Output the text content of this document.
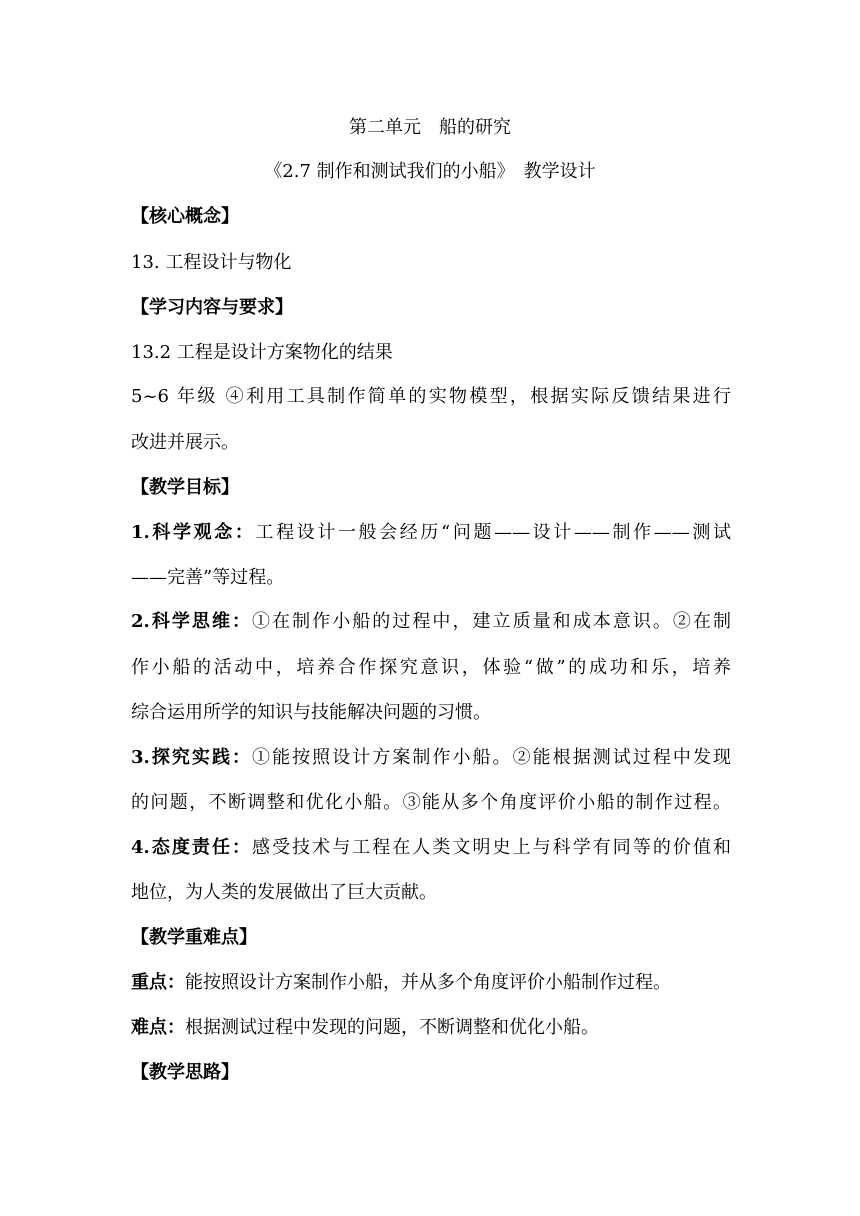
第二单元　船的研究
《2.7 制作和测试我们的小船》　教学设计
【核心概念】
13. 工程设计与物化
【学习内容与要求】
13.2 工程是设计方案物化的结果
5~6 年级 ④利用工具制作简单的实物模型，根据实际反馈结果进行
改进并展示。
【教学目标】
1.科学观念：工程设计一般会经历“问题——设计——制作——测试
——完善”等过程。
2.科学思维：①在制作小船的过程中，建立质量和成本意识。②在制
作小船的活动中，培养合作探究意识，体验“做”的成功和乐，培养
综合运用所学的知识与技能解决问题的习惯。
3.探究实践：①能按照设计方案制作小船。②能根据测试过程中发现
的问题，不断调整和优化小船。③能从多个角度评价小船的制作过程。
4.态度责任：感受技术与工程在人类文明史上与科学有同等的价值和
地位，为人类的发展做出了巨大贡献。
【教学重难点】
重点：能按照设计方案制作小船，并从多个角度评价小船制作过程。
难点：根据测试过程中发现的问题，不断调整和优化小船。
【教学思路】
